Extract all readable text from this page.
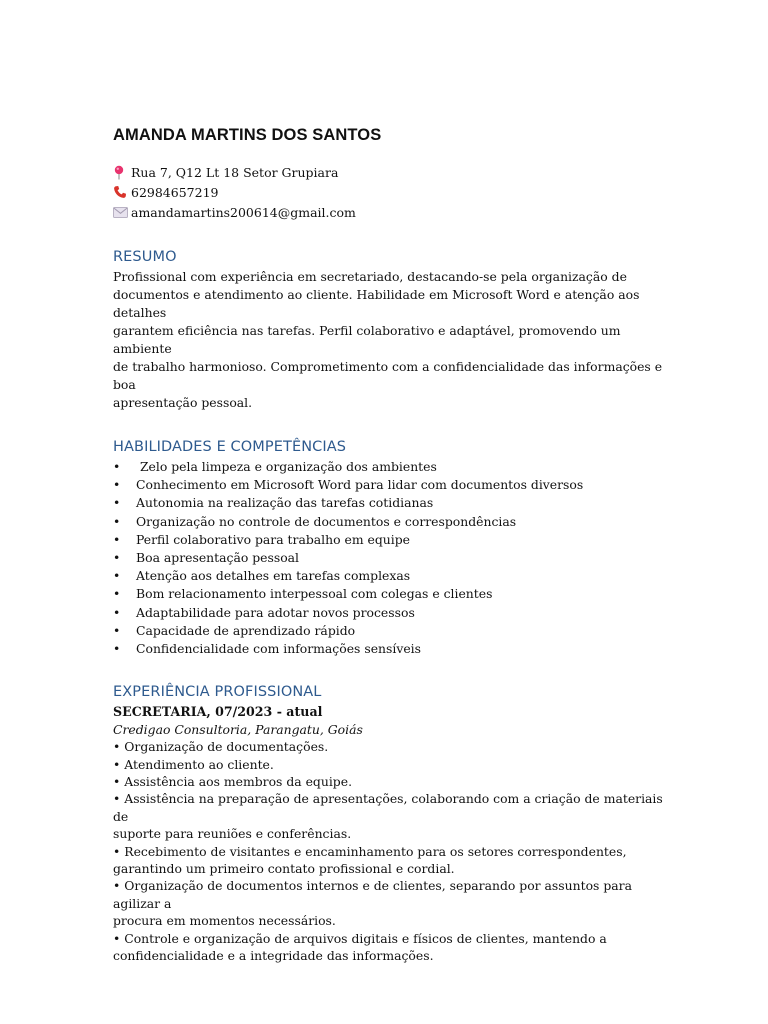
AMANDA MARTINS DOS SANTOS
Rua 7, Q12 Lt 18 Setor Grupiara
62984657219
amandamartins200614@gmail.com
RESUMO

Profissional com experiência em secretariado, destacando-se pela organização de

documentos e atendimento ao cliente. Habilidade em Microsoft Word e atenção aos detalhes

garantem eficiência nas tarefas. Perfil colaborativo e adaptável, promovendo um ambiente

de trabalho harmonioso. Comprometimento com a confidencialidade das informações e boa

apresentação pessoal.

HABILIDADES E COMPETÊNCIAS
•	Zelo pela limpeza e organização dos ambientes
•	Conhecimento em Microsoft Word para lidar com documentos diversos
•	Autonomia na realização das tarefas cotidianas
•	Organização no controle de documentos e correspondências
•	Perfil colaborativo para trabalho em equipe
•	Boa apresentação pessoal
•	Atenção aos detalhes em tarefas complexas
•	Bom relacionamento interpessoal com colegas e clientes
•	Adaptabilidade para adotar novos processos
•	Capacidade de aprendizado rápido
•	Confidencialidade com informações sensíveis
EXPERIÊNCIA PROFISSIONAL

SECRETARIA, 07/2023 - atual

Credigao Consultoria, Parangatu, Goiás

• Organização de documentações.

• Atendimento ao cliente.

• Assistência aos membros da equipe.

• Assistência na preparação de apresentações, colaborando com a criação de materiais de

suporte para reuniões e conferências.

• Recebimento de visitantes e encaminhamento para os setores correspondentes,

garantindo um primeiro contato profissional e cordial.

• Organização de documentos internos e de clientes, separando por assuntos para agilizar a

procura em momentos necessários.

• Controle e organização de arquivos digitais e físicos de clientes, mantendo a

confidencialidade e a integridade das informações.
